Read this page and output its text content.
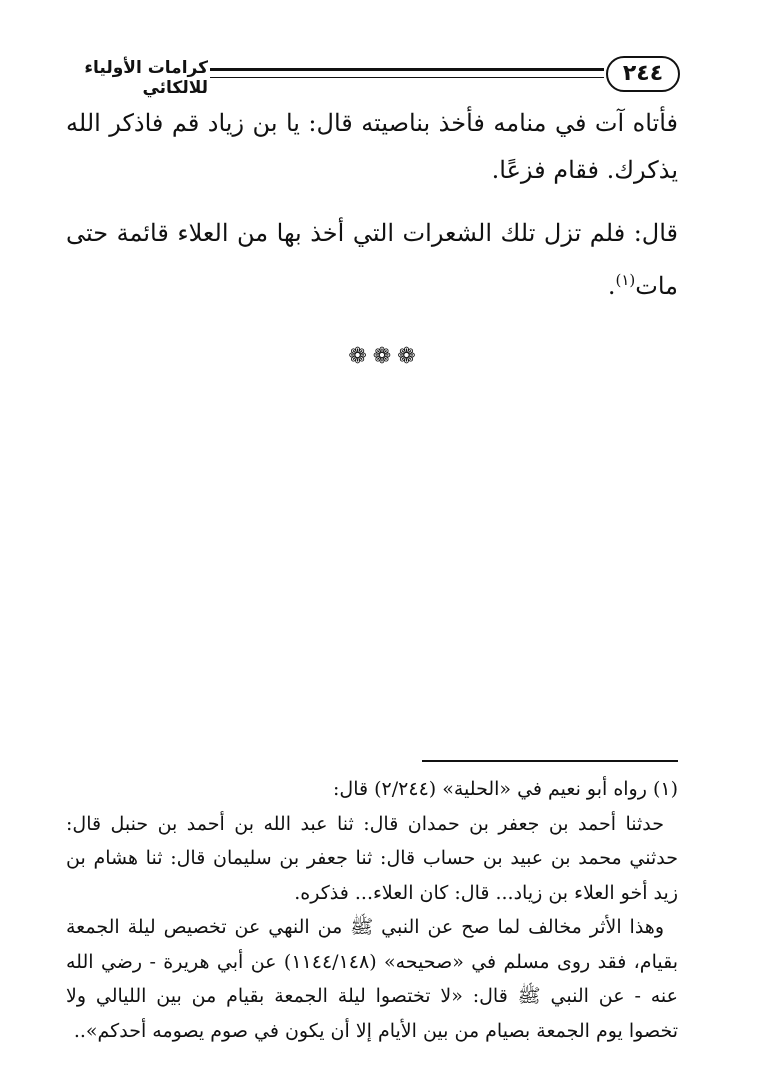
٢٤٤
كرامات الأولياء للالكائي

فأتاه آت في منامه فأخذ بناصيته قال: يا بن زياد قم فاذكر الله يذكرك. فقام فزعًا.

قال: فلم تزل تلك الشعرات التي أخذ بها من العلاء قائمة حتى مات$^{(١)}$.

❁❁❁

(١) رواه أبو نعيم في «الحلية» (٢/٢٤٤) قال:

حدثنا أحمد بن جعفر بن حمدان قال: ثنا عبد الله بن أحمد بن حنبل قال: حدثني محمد بن عبيد بن حساب قال: ثنا جعفر بن سليمان قال: ثنا هشام بن زيد أخو العلاء بن زياد... قال: كان العلاء... فذكره.

وهذا الأثر مخالف لما صح عن النبي ﷺ من النهي عن تخصيص ليلة الجمعة بقيام، فقد روى مسلم في «صحيحه» (١١٤٤/١٤٨) عن أبي هريرة - رضي الله عنه - عن النبي ﷺ قال: «لا تختصوا ليلة الجمعة بقيام من بين الليالي ولا تخصوا يوم الجمعة بصيام من بين الأيام إلا أن يكون في صوم يصومه أحدكم»..
